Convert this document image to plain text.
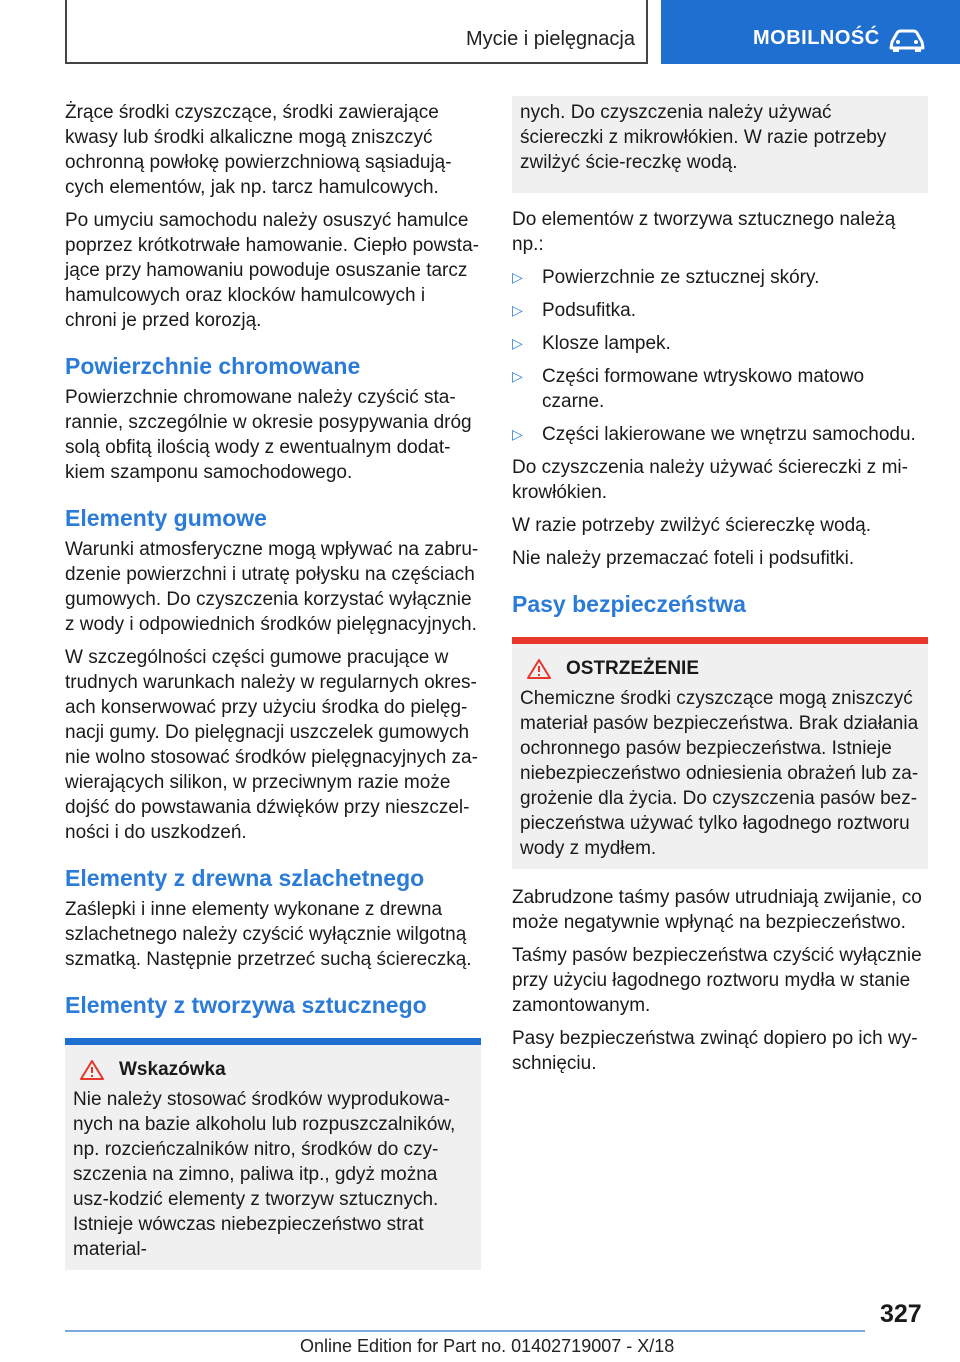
Mycie i pielęgnacja	MOBILNOŚĆ

Żrące środki czyszczące, środki zawierające kwasy lub środki alkaliczne mogą zniszczyć ochronną powłokę powierzchniową sąsiadują-cych elementów, jak np. tarcz hamulcowych.

Po umyciu samochodu należy osuszyć hamulce poprzez krótkotrwałe hamowanie. Ciepło powsta-jące przy hamowaniu powoduje osuszanie tarcz hamulcowych oraz klocków hamulcowych i chroni je przed korozją.

Powierzchnie chromowane

Powierzchnie chromowane należy czyścić sta-rannie, szczególnie w okresie posypywania dróg solą obfitą ilością wody z ewentualnym dodat-kiem szamponu samochodowego.

Elementy gumowe

Warunki atmosferyczne mogą wpływać na zabru-dzenie powierzchni i utratę połysku na częściach gumowych. Do czyszczenia korzystać wyłącznie z wody i odpowiednich środków pielęgnacyjnych.

W szczególności części gumowe pracujące w trudnych warunkach należy w regularnych okres-ach konserwować przy użyciu środka do pielęg-nacji gumy. Do pielęgnacji uszczelek gumowych nie wolno stosować środków pielęgnacyjnych za-wierających silikon, w przeciwnym razie może dojść do powstawania dźwięków przy nieszczel-ności i do uszkodzeń.

Elementy z drewna szlachetnego

Zaślepki i inne elementy wykonane z drewna szlachetnego należy czyścić wyłącznie wilgotną szmatką. Następnie przetrzeć suchą ściereczką.

Elementy z tworzywa sztucznego
Wskazówka

Nie należy stosować środków wyprodukowa-nych na bazie alkoholu lub rozpuszczalników, np. rozcieńczalników nitro, środków do czy-szczenia na zimno, paliwa itp., gdyż można usz-kodzić elementy z tworzyw sztucznych. Istnieje wówczas niebezpieczeństwo strat material-

nych. Do czyszczenia należy używać ściereczki z mikrowłókien. W razie potrzeby zwilżyć ście-reczkę wodą.

Do elementów z tworzywa sztucznego należą np.:

▷ Powierzchnie ze sztucznej skóry.
▷ Podsufitka.
▷ Klosze lampek.
▷ Części formowane wtryskowo matowo czarne.
▷ Części lakierowane we wnętrzu samochodu.

Do czyszczenia należy używać ściereczki z mi-krowłókien.

W razie potrzeby zwilżyć ściereczkę wodą.

Nie należy przemaczać foteli i podsufitki.

Pasy bezpieczeństwa
OSTRZEŻENIE

Chemiczne środki czyszczące mogą zniszczyć materiał pasów bezpieczeństwa. Brak działania ochronnego pasów bezpieczeństwa. Istnieje niebezpieczeństwo odniesienia obrażeń lub za-grożenie dla życia. Do czyszczenia pasów bez-pieczeństwa używać tylko łagodnego roztworu wody z mydłem.

Zabrudzone taśmy pasów utrudniają zwijanie, co może negatywnie wpłynąć na bezpieczeństwo.

Taśmy pasów bezpieczeństwa czyścić wyłącznie przy użyciu łagodnego roztworu mydła w stanie zamontowanym.

Pasy bezpieczeństwa zwinąć dopiero po ich wy-schnięciu.

327
Online Edition for Part no. 01402719007 - X/18
